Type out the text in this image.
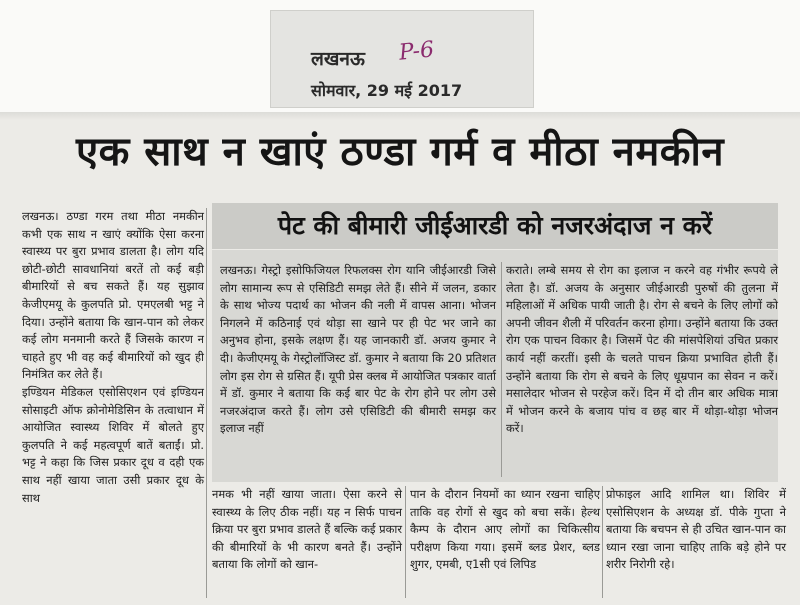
लखनऊ P-6
सोमवार, 29 मई 2017
एक साथ न खाएं ठण्डा गर्म व मीठा नमकीन

लखनऊ। ठण्डा गरम तथा मीठा नमकीन कभी एक साथ न खाएं क्योंकि ऐसा करना स्वास्थ्य पर बुरा प्रभाव डालता है। लोग यदि छोटी-छोटी सावधानियां बरतें तो कई बड़ी बीमारियों से बच सकते हैं। यह सुझाव केजीएमयू के कुलपति प्रो. एमएलबी भट्ट ने दिया। उन्होंने बताया कि खान-पान को लेकर कई लोग मनमानी करते हैं जिसके कारण न चाहते हुए भी वह कई बीमारियों को खुद ही निमंत्रित कर लेते हैं।

इण्डियन मेडिकल एसोसिएशन एवं इण्डियन सोसाइटी ऑफ क्रोनोमेडिसिन के तत्वाधान में आयोजित स्वास्थ्य शिविर में बोलते हुए कुलपति ने कई महत्वपूर्ण बातें बताईं। प्रो. भट्ट ने कहा कि जिस प्रकार दूध व दही एक साथ नहीं खाया जाता उसी प्रकार दूध के साथ

पेट की बीमारी जीईआरडी को नजरअंदाज न करें

लखनऊ। गेस्ट्रो इसोफिजियल रिफलक्स रोग यानि जीईआरडी जिसे लोग सामान्य रूप से एसिडिटी समझ लेते हैं। सीने में जलन, डकार के साथ भोज्य पदार्थ का भोजन की नली में वापस आना। भोजन निगलने में कठिनाई एवं थोड़ा सा खाने पर ही पेट भर जाने का अनुभव होना, इसके लक्षण हैं। यह जानकारी डॉ. अजय कुमार ने दी। केजीएमयू के गेस्ट्रोलॉजिस्ट डॉ. कुमार ने बताया कि 20 प्रतिशत लोग इस रोग से ग्रसित हैं। यूपी प्रेस क्लब में आयोजित पत्रकार वार्ता में डॉ. कुमार ने बताया कि कई बार पेट के रोग होने पर लोग उसे नजरअंदाज करते हैं। लोग उसे एसिडिटी की बीमारी समझ कर इलाज नहीं

कराते। लम्बे समय से रोग का इलाज न करने वह गंभीर रूपये ले लेता है। डॉ. अजय के अनुसार जीईआरडी पुरुषों की तुलना में महिलाओं में अधिक पायी जाती है। रोग से बचने के लिए लोगों को अपनी जीवन शैली में परिवर्तन करना होगा। उन्होंने बताया कि उक्त रोग एक पाचन विकार है। जिसमें पेट की मांसपेशियां उचित प्रकार कार्य नहीं करतीं। इसी के चलते पाचन क्रिया प्रभावित होती हैं। उन्होंने बताया कि रोग से बचने के लिए धूम्रपान का सेवन न करें। मसालेदार भोजन से परहेज करें। दिन में दो तीन बार अधिक मात्रा में भोजन करने के बजाय पांच व छह बार में थोड़ा-थोड़ा भोजन करें।

नमक भी नहीं खाया जाता। ऐसा करने से स्वास्थ्य के लिए ठीक नहीं। यह न सिर्फ पाचन क्रिया पर बुरा प्रभाव डालते हैं बल्कि कई प्रकार की बीमारियों के भी कारण बनते हैं। उन्होंने बताया कि लोगों को खान-

पान के दौरान नियमों का ध्यान रखना चाहिए ताकि वह रोगों से खुद को बचा सकें। हेल्थ कैम्प के दौरान आए लोगों का चिकित्सीय परीक्षण किया गया। इसमें ब्लड प्रेशर, ब्लड शुगर, एमबी, ए1सी एवं लिपिड

प्रोफाइल आदि शामिल था। शिविर में एसोसिएशन के अध्यक्ष डॉ. पीके गुप्ता ने बताया कि बचपन से ही उचित खान-पान का ध्यान रखा जाना चाहिए ताकि बड़े होने पर शरीर निरोगी रहे।
